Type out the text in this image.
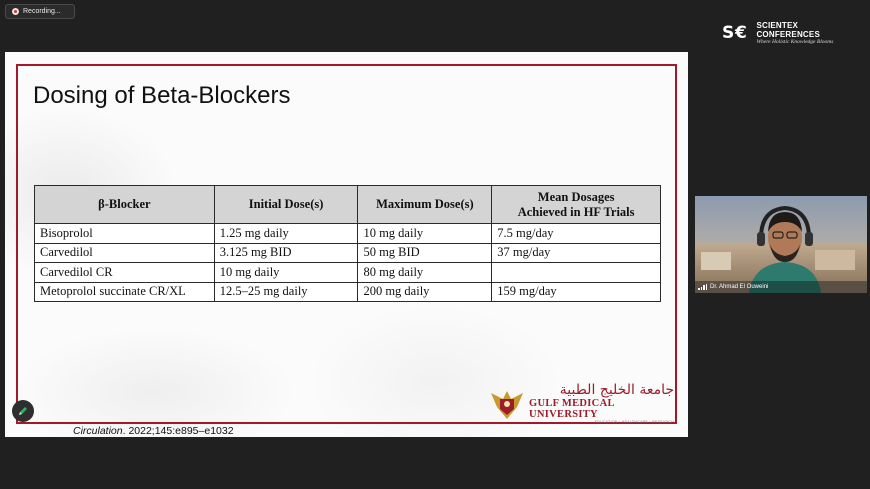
Recording...
S € SCIENTEX CONFERENCES
Where Holistic Knowledge Blooms
Dosing of Beta-Blockers
β-Blocker	Initial Dose(s)	Maximum Dose(s)	Mean Dosages
Achieved in HF Trials
Bisoprolol	1.25 mg daily	10 mg daily	7.5 mg/day
Carvedilol	3.125 mg BID	50 mg BID	37 mg/day
Carvedilol CR	10 mg daily	80 mg daily	
Metoprolol succinate CR/XL	12.5–25 mg daily	200 mg daily	159 mg/day
جامعة الخليج الطبية
GULF MEDICAL UNIVERSITY
EDUCATION • HEALTHCARE • RESEARCH
Circulation. 2022;145:e895–e1032
Dr. Ahmad El Ouweini
